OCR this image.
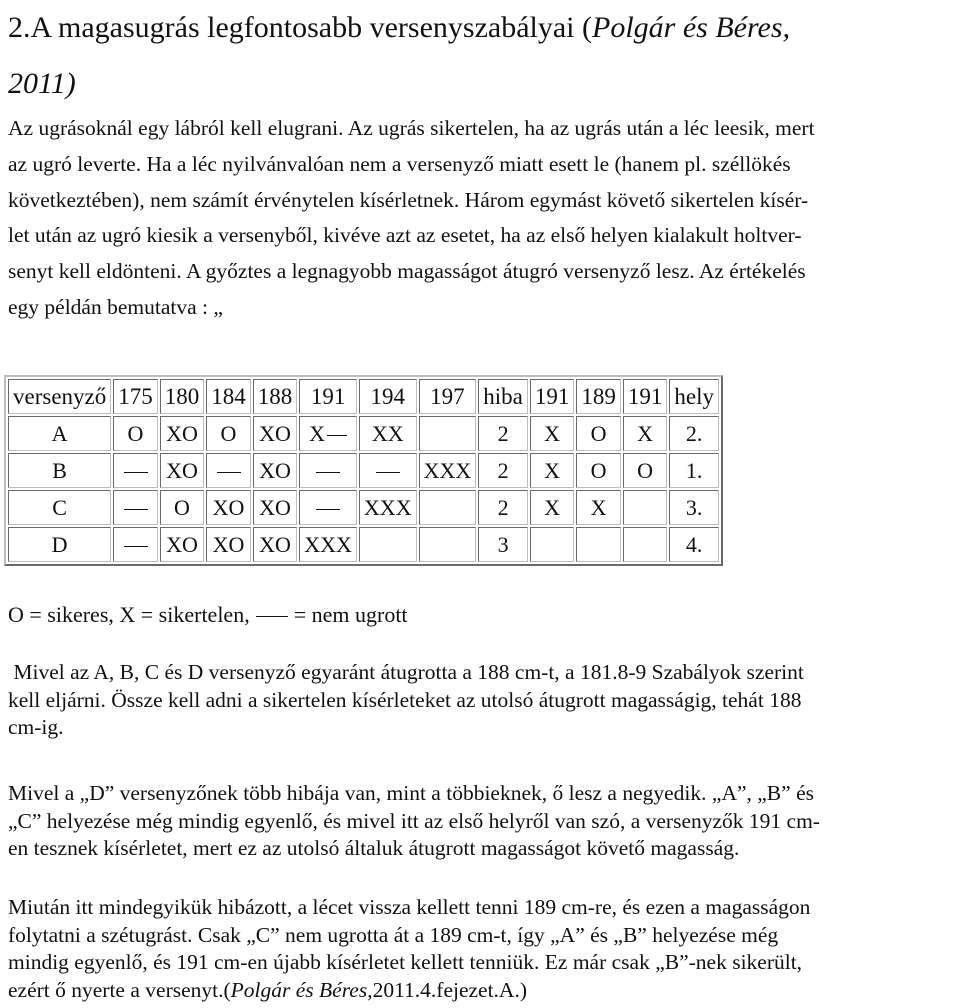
2.A magasugrás legfontosabb versenyszabályai (Polgár és Béres,
2011)
Az ugrásoknál egy lábról kell elugrani. Az ugrás sikertelen, ha az ugrás után a léc leesik, mert
az ugró leverte. Ha a léc nyilvánvalóan nem a versenyző miatt esett le (hanem pl. széllökés
következtében), nem számít érvénytelen kísérletnek. Három egymást követő sikertelen kísér-
let után az ugró kiesik a versenyből, kivéve azt az esetet, ha az első helyen kialakult holtver-
senyt kell eldönteni. A győztes a legnagyobb magasságot átugró versenyző lesz. Az értékelés
egy példán bemutatva : „
versenyző	175	180	184	188	191	194	197	hiba	191	189	191	hely
A	O	XO	O	XO	X	XX		2	X	O	X	2.
B		XO		XO			XXX	2	X	O	O	1.
C		O	XO	XO		XXX		2	X	X		3.
D		XO	XO	XO	XXX			3				4.
O = sikeres, X = sikertelen, = nem ugrott
Mivel az A, B, C és D versenyző egyaránt átugrotta a 188 cm-t, a 181.8-9 Szabályok szerint
kell eljárni. Össze kell adni a sikertelen kísérleteket az utolsó átugrott magasságig, tehát 188
cm-ig.
Mivel a „D” versenyzőnek több hibája van, mint a többieknek, ő lesz a negyedik. „A”, „B” és
„C” helyezése még mindig egyenlő, és mivel itt az első helyről van szó, a versenyzők 191 cm-
en tesznek kísérletet, mert ez az utolsó általuk átugrott magasságot követő magasság.
Miután itt mindegyikük hibázott, a lécet vissza kellett tenni 189 cm-re, és ezen a magasságon
folytatni a szétugrást. Csak „C” nem ugrotta át a 189 cm-t, így „A” és „B” helyezése még
mindig egyenlő, és 191 cm-en újabb kísérletet kellett tenniük. Ez már csak „B”-nek sikerült,
ezért ő nyerte a versenyt.(Polgár és Béres,2011.4.fejezet.A.)
